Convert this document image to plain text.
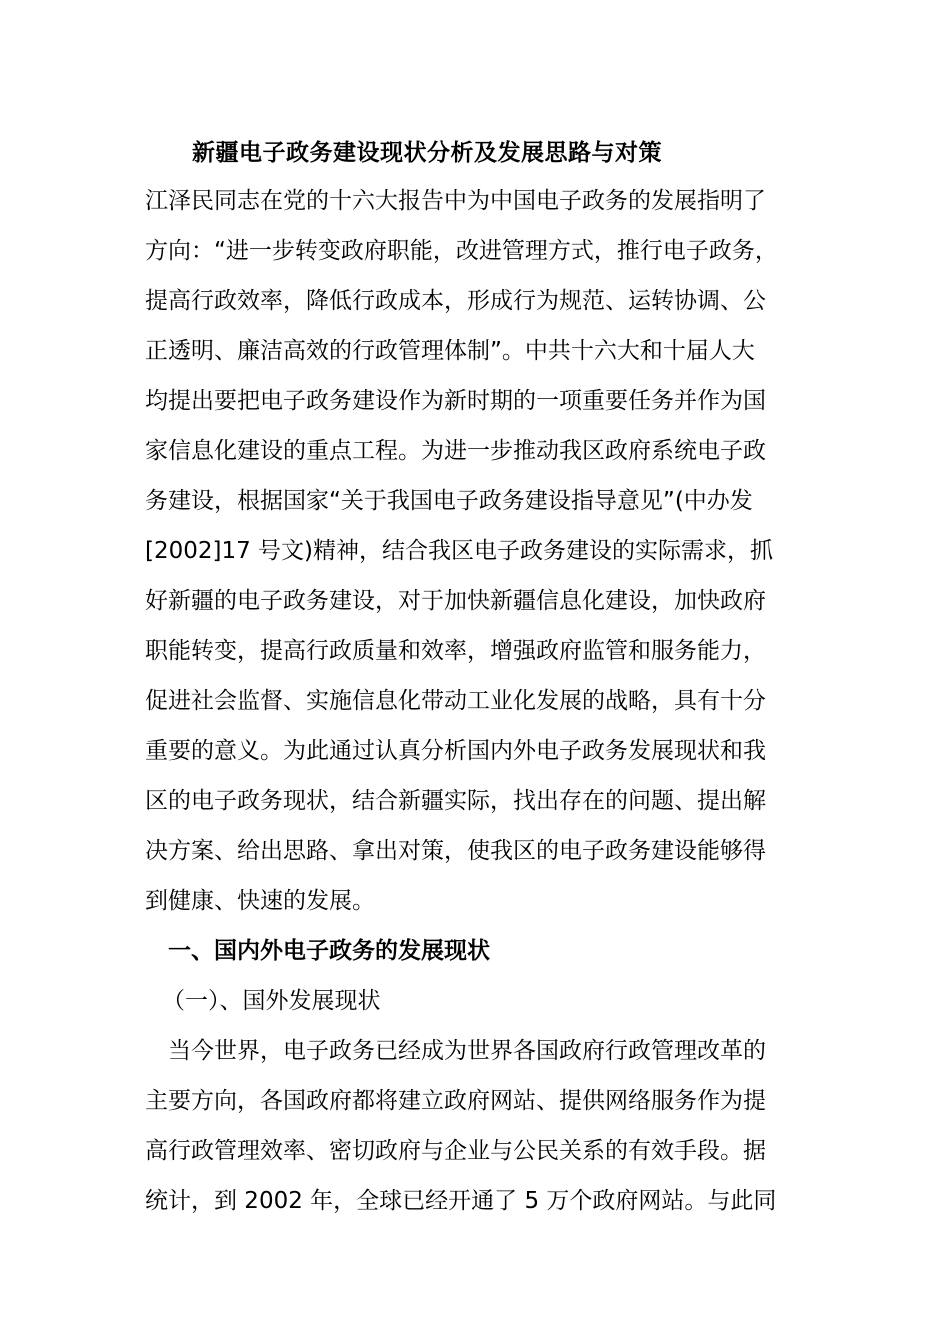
新疆电子政务建设现状分析及发展思路与对策
江泽民同志在党的十六大报告中为中国电子政务的发展指明了
方向：“进一步转变政府职能，改进管理方式，推行电子政务，
提高行政效率，降低行政成本，形成行为规范、运转协调、公
正透明、廉洁高效的行政管理体制”。中共十六大和十届人大
均提出要把电子政务建设作为新时期的一项重要任务并作为国
家信息化建设的重点工程。为进一步推动我区政府系统电子政
务建设，根据国家“关于我国电子政务建设指导意见”(中办发
[2002]17 号文)精神，结合我区电子政务建设的实际需求，抓
好新疆的电子政务建设，对于加快新疆信息化建设，加快政府
职能转变，提高行政质量和效率，增强政府监管和服务能力，
促进社会监督、实施信息化带动工业化发展的战略，具有十分
重要的意义。为此通过认真分析国内外电子政务发展现状和我
区的电子政务现状，结合新疆实际，找出存在的问题、提出解
决方案、给出思路、拿出对策，使我区的电子政务建设能够得
到健康、快速的发展。
一、国内外电子政务的发展现状
（一）、国外发展现状
当今世界，电子政务已经成为世界各国政府行政管理改革的
主要方向，各国政府都将建立政府网站、提供网络服务作为提
高行政管理效率、密切政府与企业与公民关系的有效手段。据
统计，到 2002 年，全球已经开通了 5 万个政府网站。与此同
